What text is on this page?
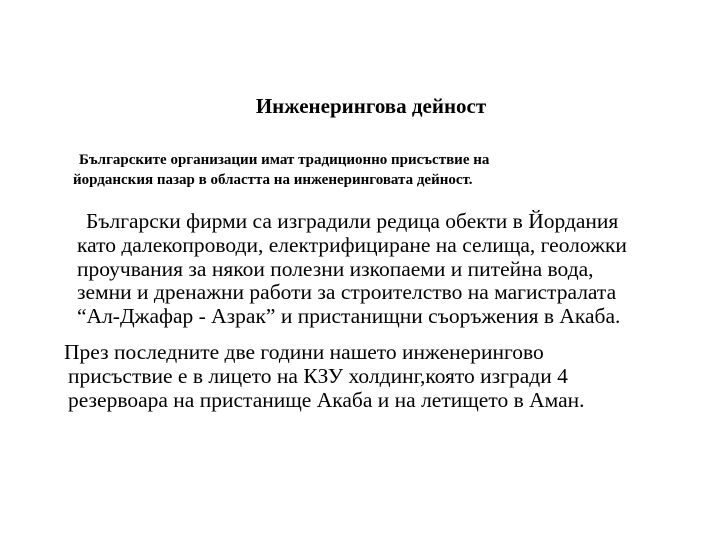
Инженерингова дейност
Българските организации имат традиционно присъствие на
йорданския пазар в областта на инженеринговата дейност.
Български фирми са изградили редица обекти в Йордания
като далекопроводи, електрифициране на селища, геоложки
проучвания за някои полезни изкопаеми и питейна вода,
земни и дренажни работи за строителство на магистралата
“Ал-Джафар - Азрак” и пристанищни съоръжения в Акаба.
През последните две години нашето инженерингово
присъствие е в лицето на КЗУ холдинг,която изгради 4
резервоара на пристанище Акаба и на летището в Аман.
